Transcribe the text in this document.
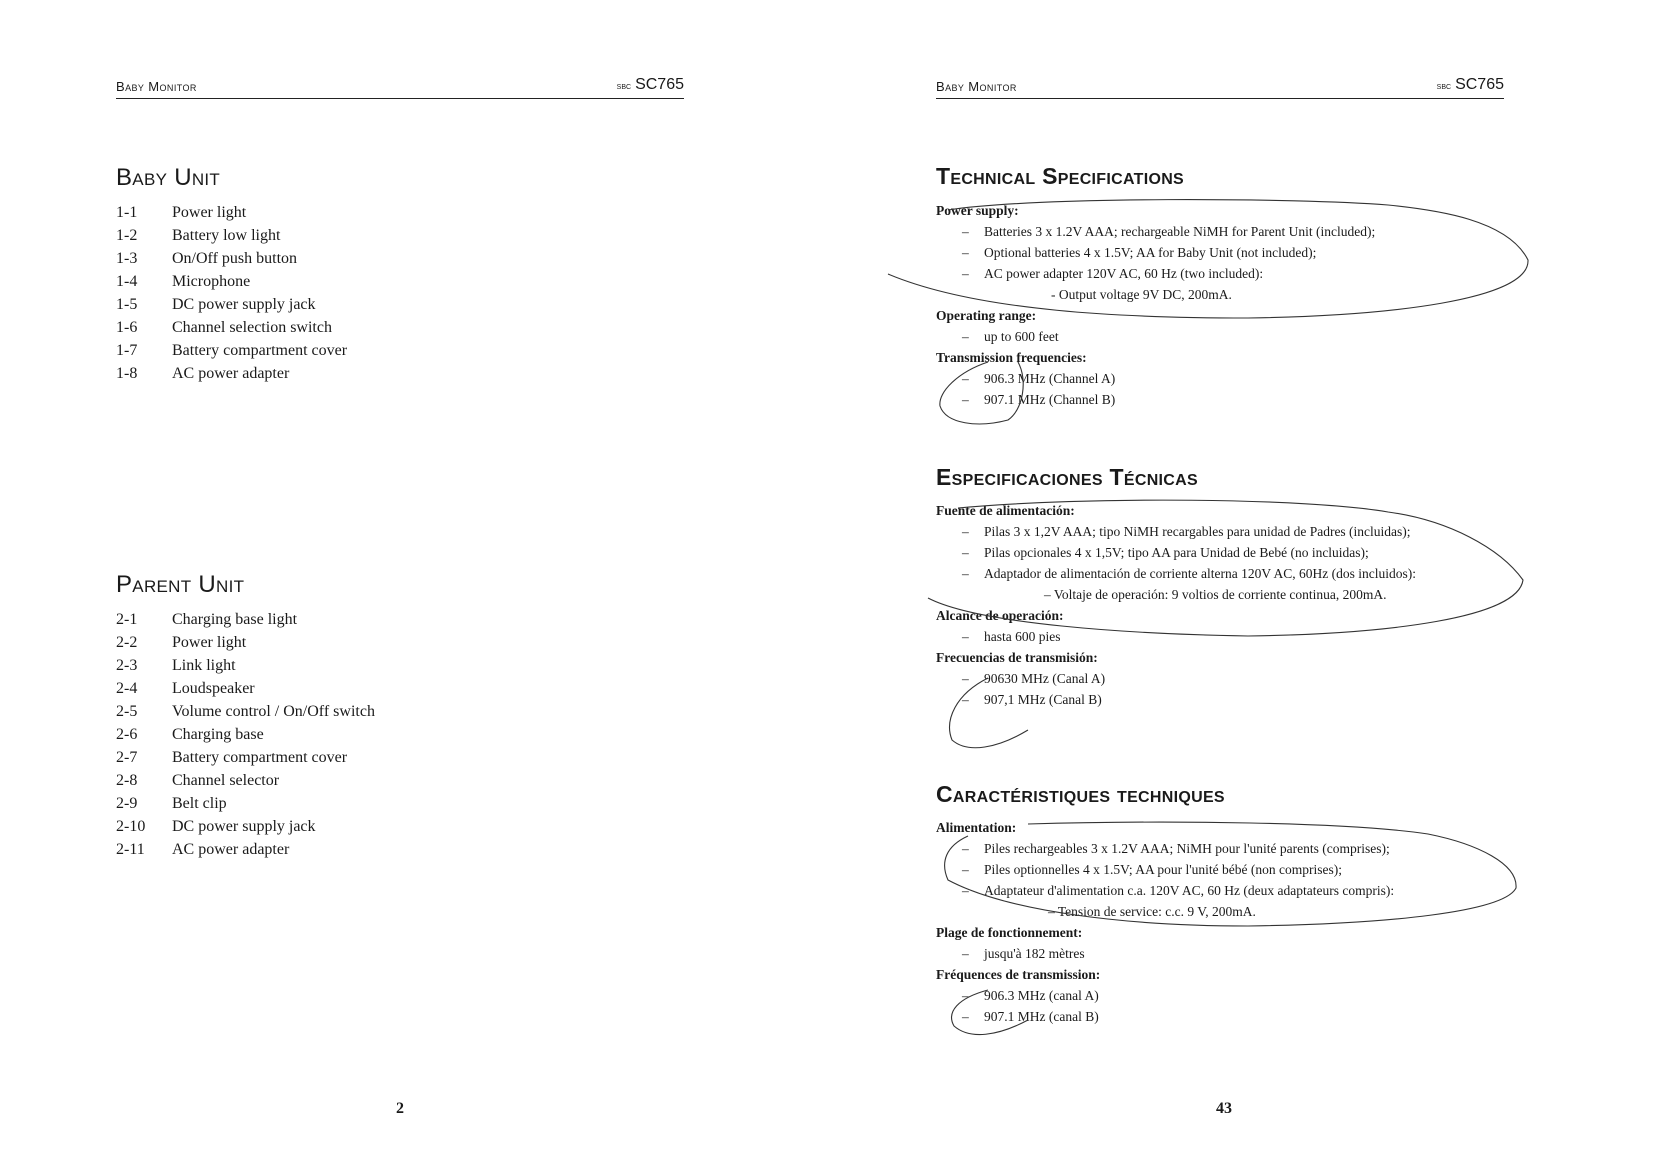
Baby Monitor	sbc SC765
Baby Unit
1-1 Power light
1-2 Battery low light
1-3 On/Off push button
1-4 Microphone
1-5 DC power supply jack
1-6 Channel selection switch
1-7 Battery compartment cover
1-8 AC power adapter
Parent Unit
2-1 Charging base light
2-2 Power light
2-3 Link light
2-4 Loudspeaker
2-5 Volume control / On/Off switch
2-6 Charging base
2-7 Battery compartment cover
2-8 Channel selector
2-9 Belt clip
2-10 DC power supply jack
2-11 AC power adapter
2
Baby Monitor	sbc SC765
Technical Specifications
Power supply:
– Batteries 3 x 1.2V AAA; rechargeable NiMH for Parent Unit (included);
– Optional batteries 4 x 1.5V; AA for Baby Unit (not included);
– AC power adapter 120V AC, 60 Hz (two included):
- Output voltage 9V DC, 200mA.
Operating range:
– up to 600 feet
Transmission frequencies:
– 906.3 MHz (Channel A)
– 907.1 MHz (Channel B)
Especificaciones Técnicas
Fuente de alimentación:
– Pilas 3 x 1,2V AAA; tipo NiMH recargables para unidad de Padres (incluidas);
– Pilas opcionales 4 x 1,5V; tipo AA para Unidad de Bebé (no incluidas);
– Adaptador de alimentación de corriente alterna 120V AC, 60Hz (dos incluidos):
– Voltaje de operación: 9 voltios de corriente continua, 200mA.
Alcance de operación:
– hasta 600 pies
Frecuencias de transmisión:
– 90630 MHz (Canal A)
– 907,1 MHz (Canal B)
Caractéristiques techniques
Alimentation:
– Piles rechargeables 3 x 1.2V AAA; NiMH pour l'unité parents (comprises);
– Piles optionnelles 4 x 1.5V; AA pour l'unité bébé (non comprises);
– Adaptateur d'alimentation c.a. 120V AC, 60 Hz (deux adaptateurs compris):
– Tension de service: c.c. 9 V, 200mA.
Plage de fonctionnement:
– jusqu'à 182 mètres
Fréquences de transmission:
– 906.3 MHz (canal A)
– 907.1 MHz (canal B)
43
